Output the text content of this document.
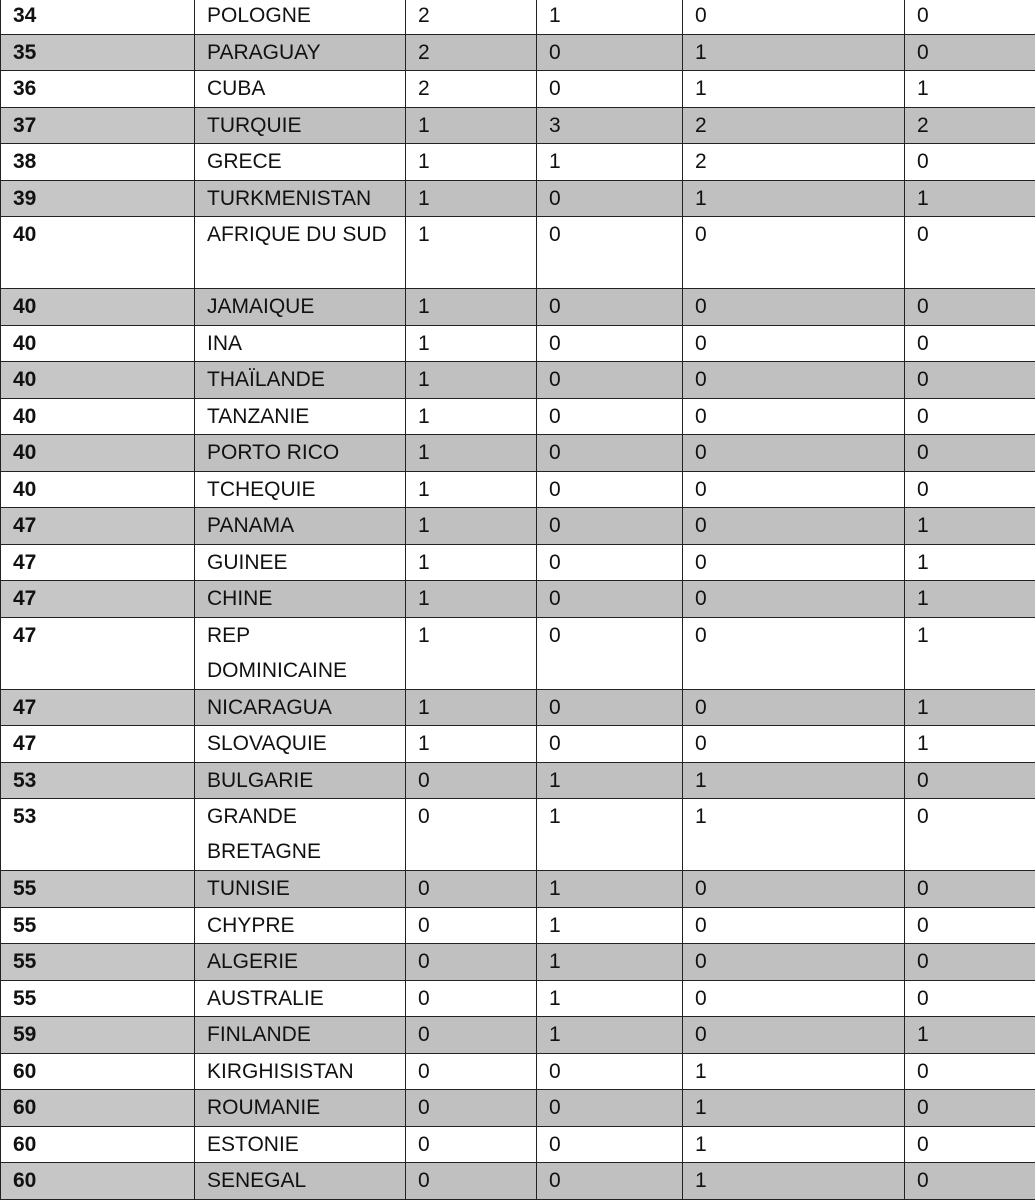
34	POLOGNE	2	1	0	0
35	PARAGUAY	2	0	1	0
36	CUBA	2	0	1	1
37	TURQUIE	1	3	2	2
38	GRECE	1	1	2	0
39	TURKMENISTAN	1	0	1	1
40	AFRIQUE DU SUD	1	0	0	0
40	JAMAIQUE	1	0	0	0
40	INA	1	0	0	0
40	THAÏLANDE	1	0	0	0
40	TANZANIE	1	0	0	0
40	PORTO RICO	1	0	0	0
40	TCHEQUIE	1	0	0	0
47	PANAMA	1	0	0	1
47	GUINEE	1	0	0	1
47	CHINE	1	0	0	1
47	REP DOMINICAINE	1	0	0	1
47	NICARAGUA	1	0	0	1
47	SLOVAQUIE	1	0	0	1
53	BULGARIE	0	1	1	0
53	GRANDE BRETAGNE	0	1	1	0
55	TUNISIE	0	1	0	0
55	CHYPRE	0	1	0	0
55	ALGERIE	0	1	0	0
55	AUSTRALIE	0	1	0	0
59	FINLANDE	0	1	0	1
60	KIRGHISISTAN	0	0	1	0
60	ROUMANIE	0	0	1	0
60	ESTONIE	0	0	1	0
60	SENEGAL	0	0	1	0
